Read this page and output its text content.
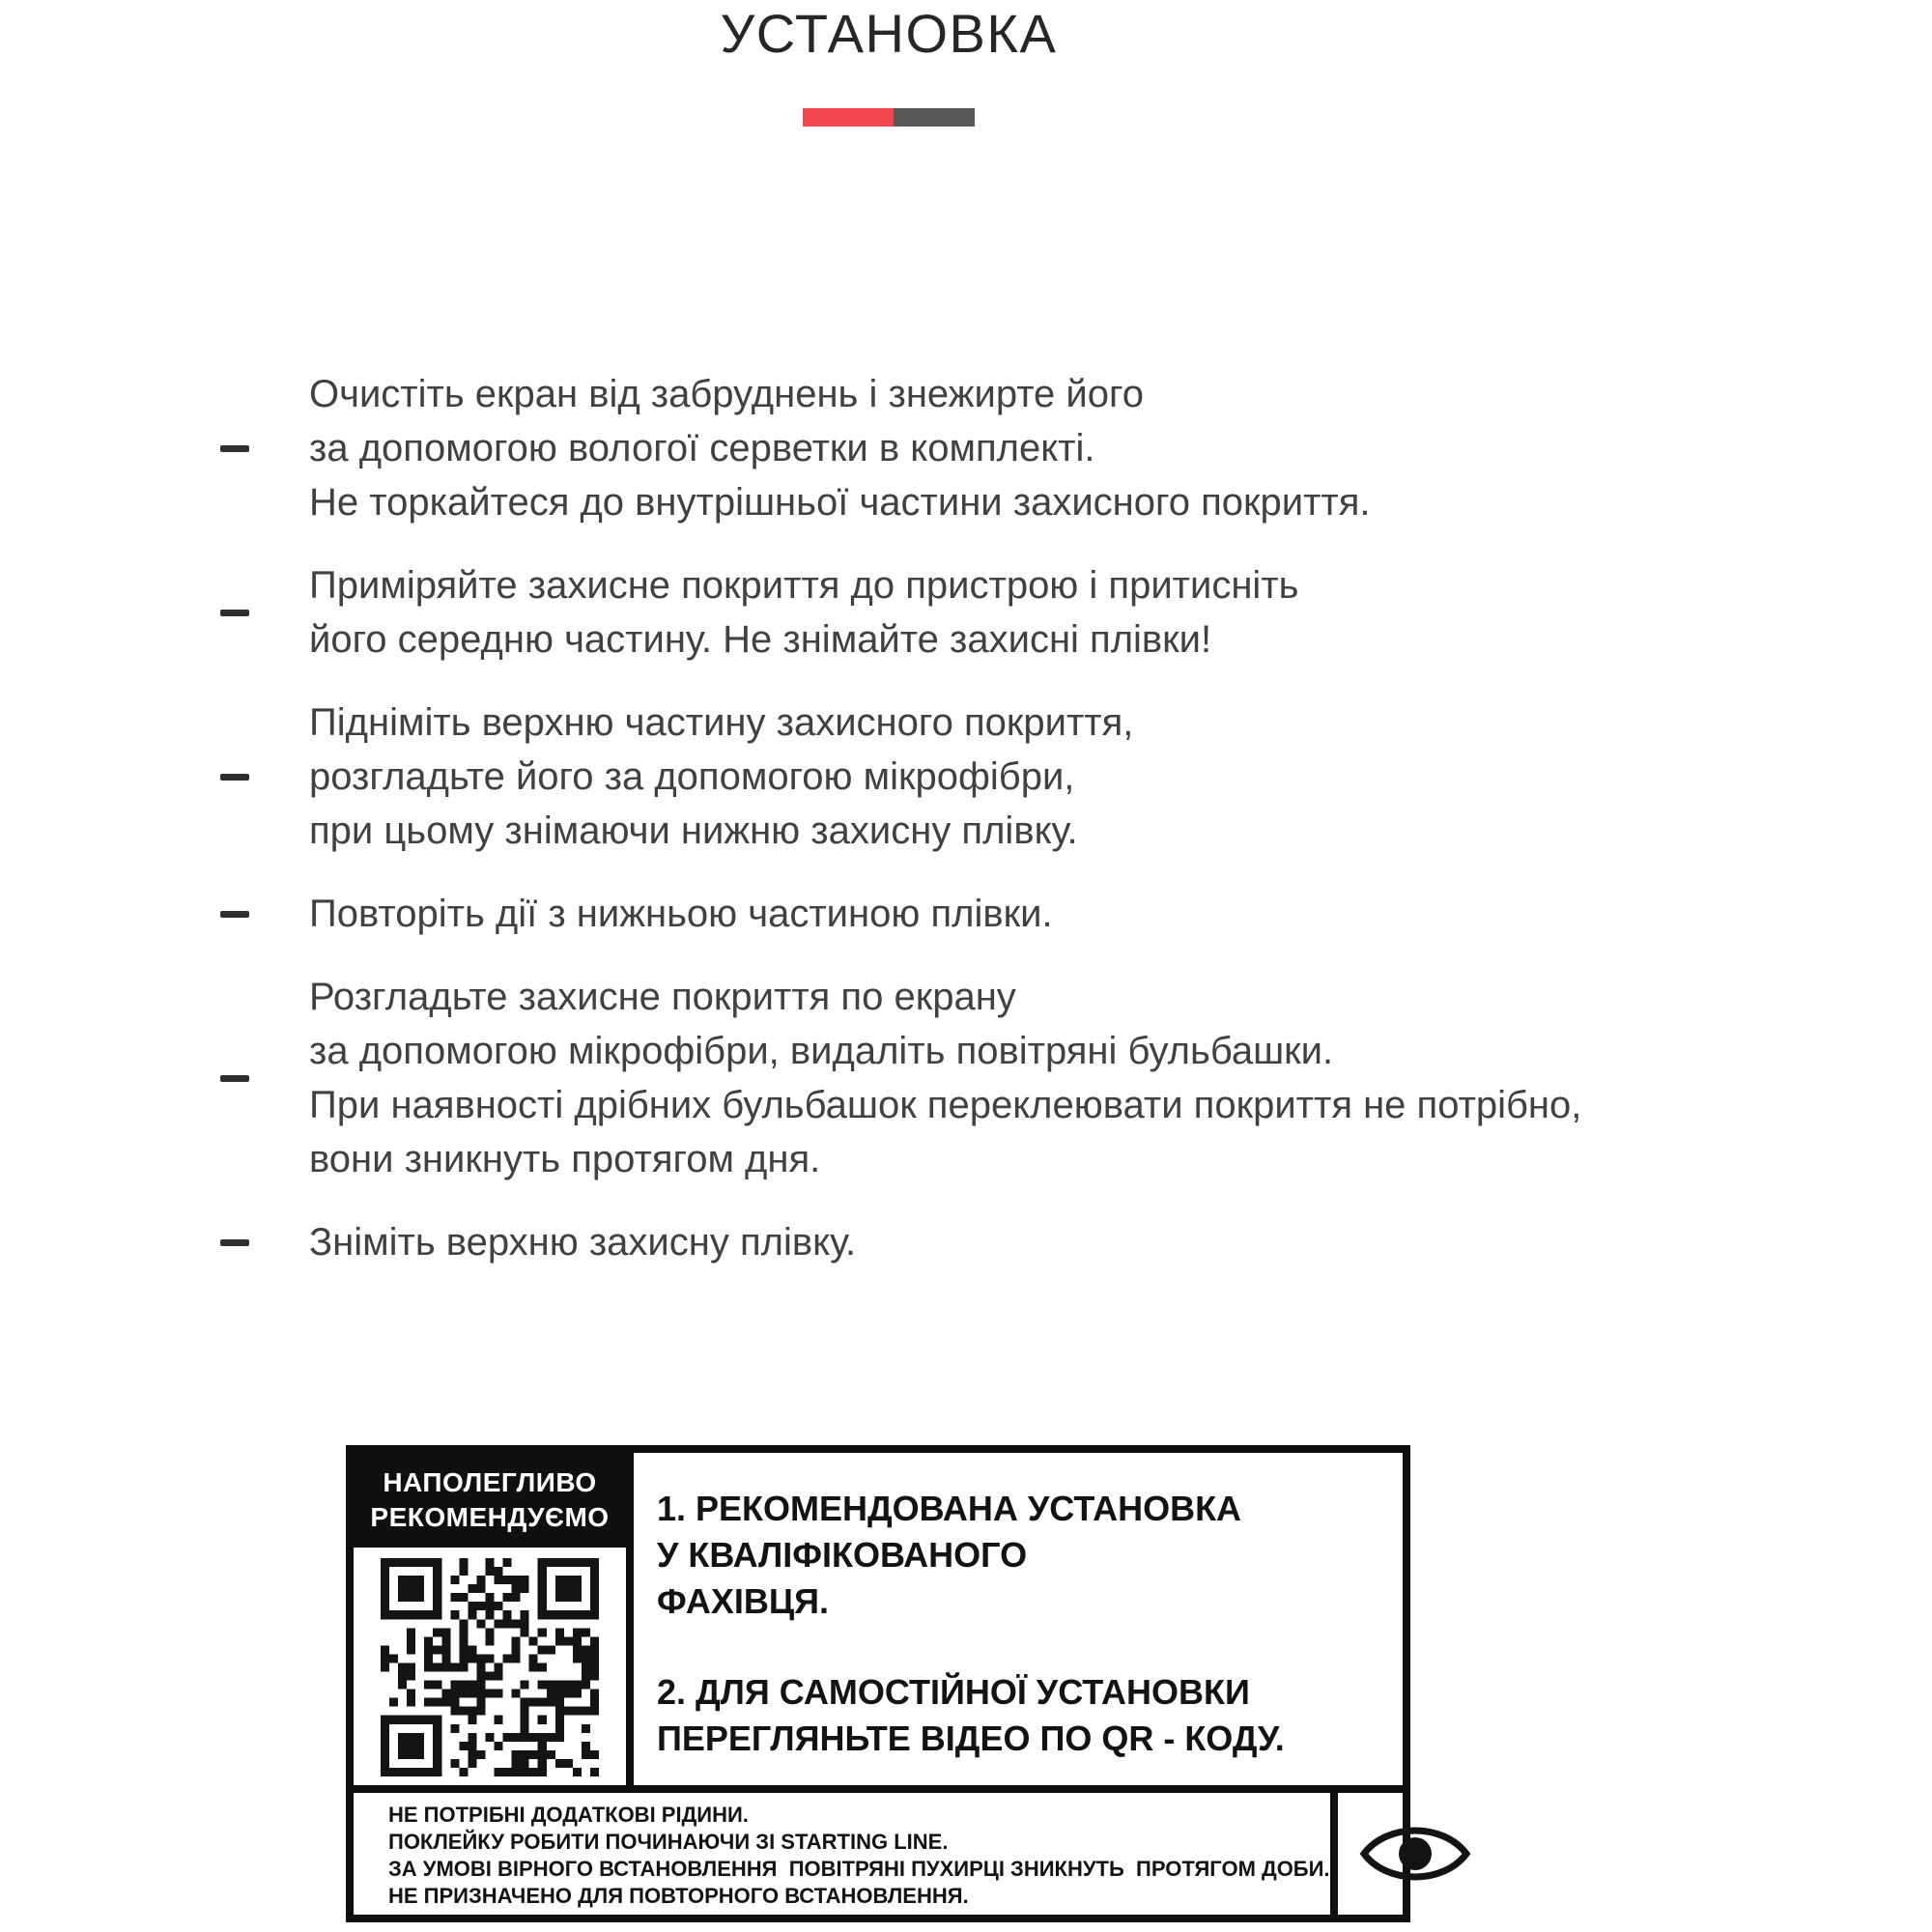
УСТАНОВКА
Очистіть екран від забруднень і знежирте його
за допомогою вологої серветки в комплекті.
Не торкайтеся до внутрішньої частини захисного покриття.
Приміряйте захисне покриття до пристрою і притисніть
його середню частину. Не знімайте захисні плівки!
Підніміть верхню частину захисного покриття,
розгладьте його за допомогою мікрофібри,
при цьому знімаючи нижню захисну плівку.
Повторіть дії з нижньою частиною плівки.
Розгладьте захисне покриття по екрану
за допомогою мікрофібри, видаліть повітряні бульбашки.
При наявності дрібних бульбашок переклеювати покриття не потрібно,
вони зникнуть протягом дня.
Зніміть верхню захисну плівку.
НАПОЛЕГЛИВО
РЕКОМЕНДУЄМО	1. РЕКОМЕНДОВАНА УСТАНОВКА
У КВАЛІФІКОВАНОГО
ФАХІВЦЯ.
2. ДЛЯ САМОСТІЙНОЇ УСТАНОВКИ
ПЕРЕГЛЯНЬТЕ ВІДЕО ПО QR - КОДУ.
НЕ ПОТРІБНІ ДОДАТКОВІ РІДИНИ.
ПОКЛЕЙКУ РОБИТИ ПОЧИНАЮЧИ ЗІ STARTING LINE.
ЗА УМОВІ ВІРНОГО ВСТАНОВЛЕННЯ  ПОВІТРЯНІ ПУХИРЦІ ЗНИКНУТЬ  ПРОТЯГОМ ДОБИ.
НЕ ПРИЗНАЧЕНО ДЛЯ ПОВТОРНОГО ВСТАНОВЛЕННЯ.
